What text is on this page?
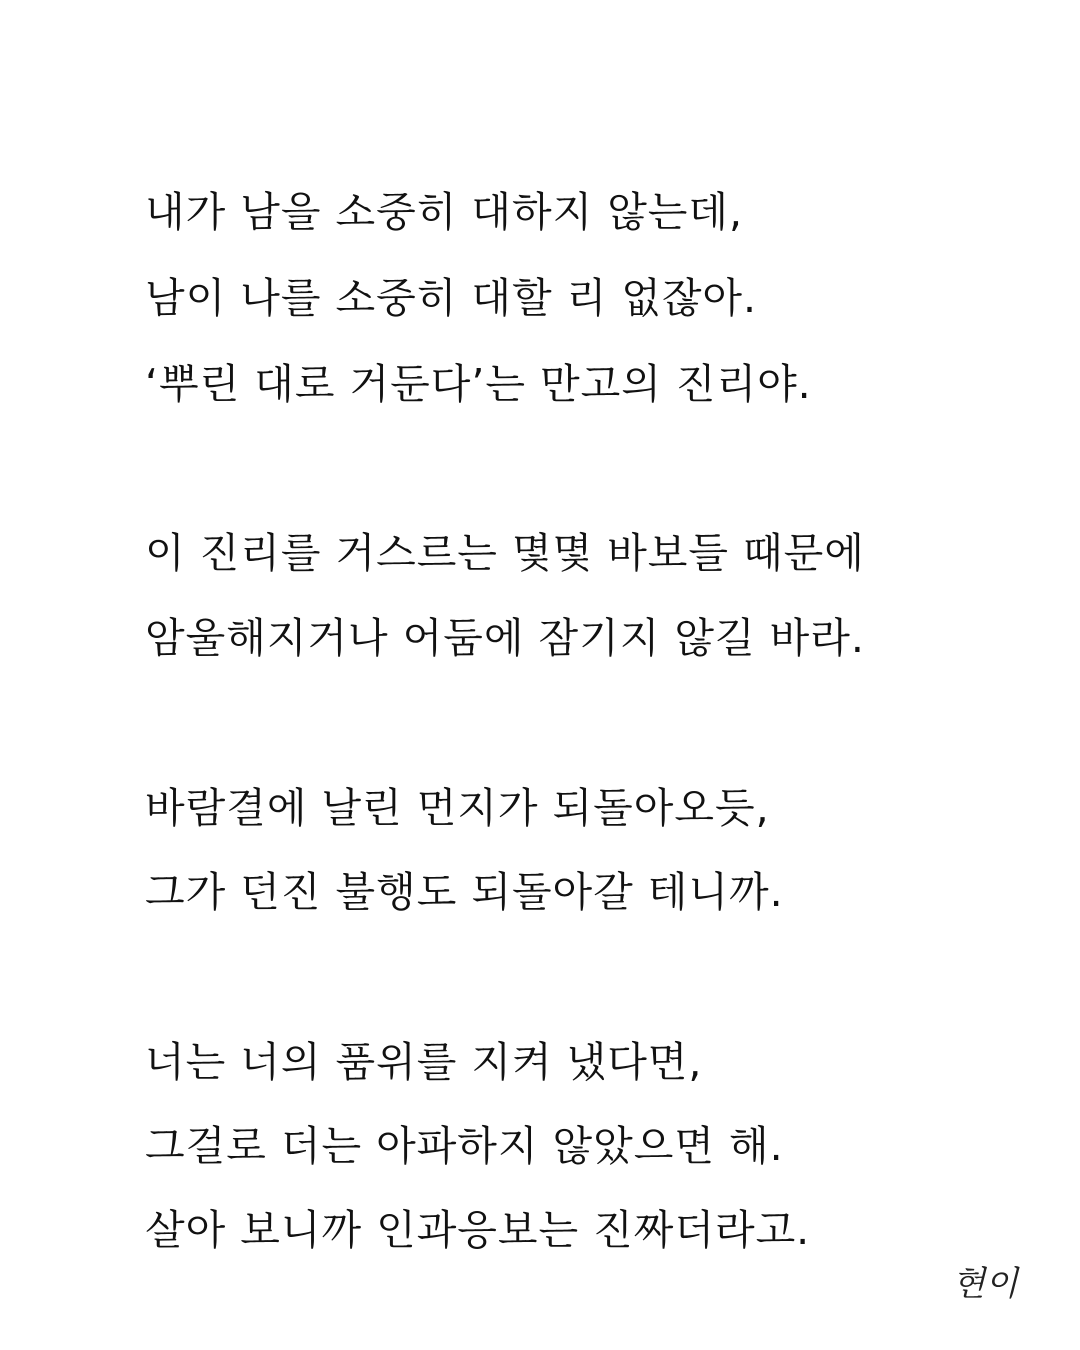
내가 남을 소중히 대하지 않는데,
남이 나를 소중히 대할 리 없잖아.
‘뿌린 대로 거둔다’는 만고의 진리야.
이 진리를 거스르는 몇몇 바보들 때문에
암울해지거나 어둠에 잠기지 않길 바라.
바람결에 날린 먼지가 되돌아오듯,
그가 던진 불행도 되돌아갈 테니까.
너는 너의 품위를 지켜 냈다면,
그걸로 더는 아파하지 않았으면 해.
살아 보니까 인과응보는 진짜더라고.
현이
